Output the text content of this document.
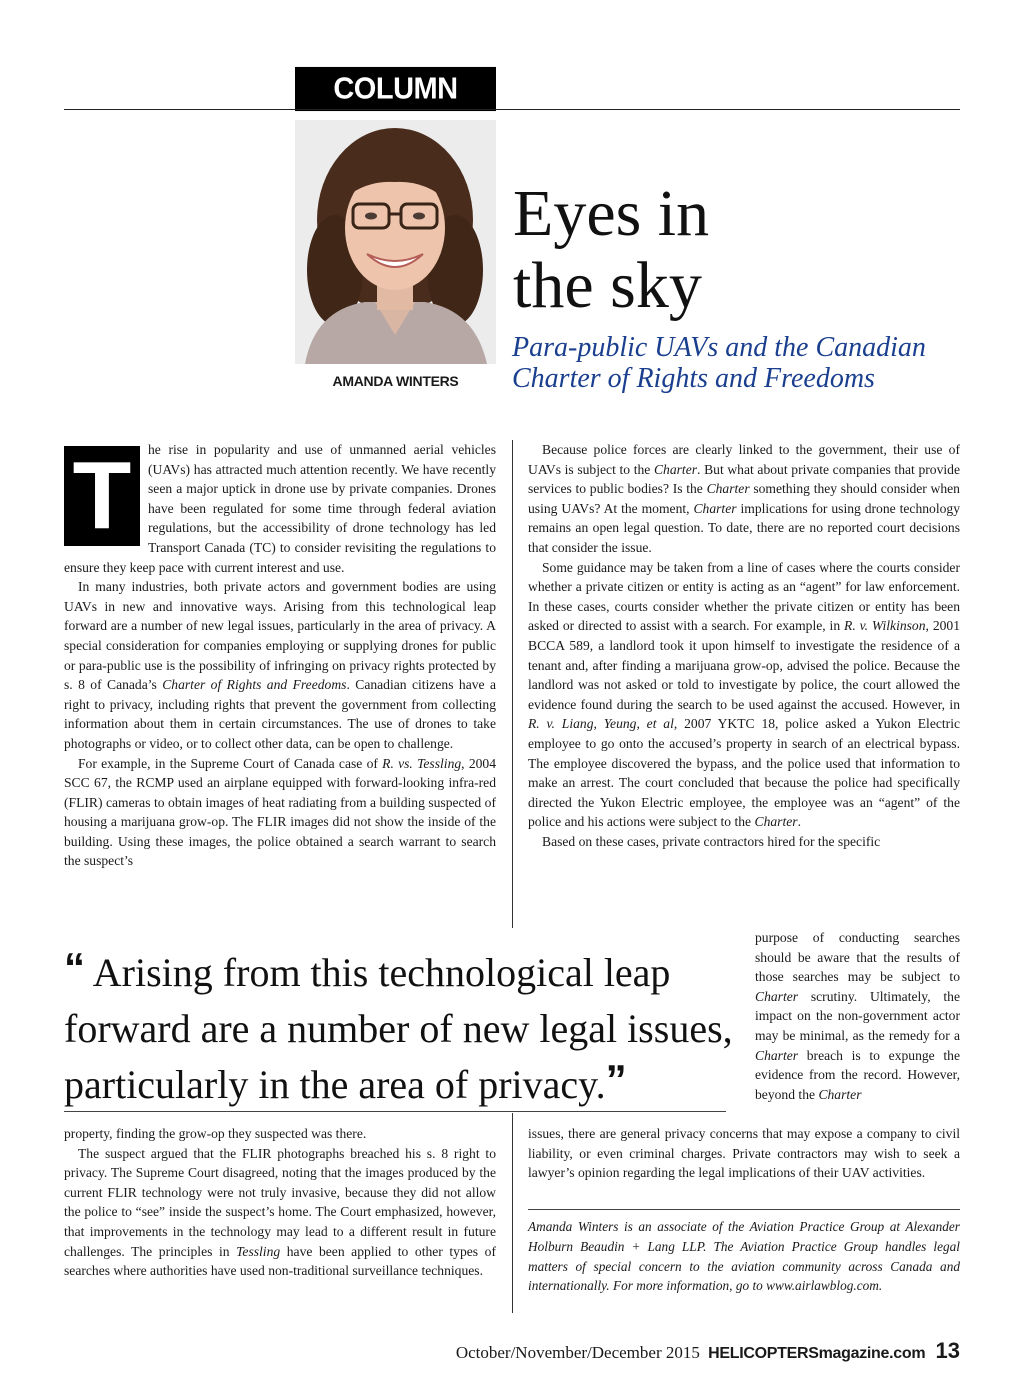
COLUMN
AMANDA WINTERS
Eyes in
the sky
Para-public UAVs and the Canadian
Charter of Rights and Freedoms
T	he rise in popularity and use of unmanned aerial vehicles (UAVs) has attracted much attention recently. We have recently seen a major uptick in drone use by private companies. Drones have been regulated for some time through federal aviation regulations, but the accessibility of drone technology has led Transport Canada (TC) to consider revisiting the regulations to ensure they keep pace with current interest and use.

In many industries, both private actors and government bodies are using UAVs in new and innovative ways. Arising from this technological leap forward are a number of new legal issues, particularly in the area of privacy. A special consideration for companies employing or supplying drones for public or para-public use is the possibility of infringing on privacy rights protected by s. 8 of Canada’s Charter of Rights and Freedoms. Canadian citizens have a right to privacy, including rights that prevent the government from collecting information about them in certain circumstances. The use of drones to take photographs or video, or to collect other data, can be open to challenge.

For example, in the Supreme Court of Canada case of R. vs. Tessling, 2004 SCC 67, the RCMP used an airplane equipped with forward-looking infra-red (FLIR) cameras to obtain images of heat radiating from a building suspected of housing a marijuana grow-op. The FLIR images did not show the inside of the building. Using these images, the police obtained a search warrant to search the suspect’s

Because police forces are clearly linked to the government, their use of UAVs is subject to the Charter. But what about private companies that provide services to public bodies? Is the Charter something they should consider when using UAVs? At the moment, Charter implications for using drone technology remains an open legal question. To date, there are no reported court decisions that consider the issue.

Some guidance may be taken from a line of cases where the courts consider whether a private citizen or entity is acting as an “agent” for law enforcement. In these cases, courts consider whether the private citizen or entity has been asked or directed to assist with a search. For example, in R. v. Wilkinson, 2001 BCCA 589, a landlord took it upon himself to investigate the residence of a tenant and, after finding a marijuana grow-op, advised the police. Because the landlord was not asked or told to investigate by police, the court allowed the evidence found during the search to be used against the accused. However, in R. v. Liang, Yeung, et al, 2007 YKTC 18, police asked a Yukon Electric employee to go onto the accused’s property in search of an electrical bypass. The employee discovered the bypass, and the police used that information to make an arrest. The court concluded that because the police had specifically directed the Yukon Electric employee, the employee was an “agent” of the police and his actions were subject to the Charter.

Based on these cases, private contractors hired for the specific

purpose of conducting searches should be aware that the results of those searches may be subject to Charter scrutiny. Ultimately, the impact on the non-government actor may be minimal, as the remedy for a Charter breach is to expunge the evidence from the record. However, beyond the Charter

“ Arising from this technological leap forward are a number of new legal issues, particularly in the area of privacy.”

property, finding the grow-op they suspected was there.

The suspect argued that the FLIR photographs breached his s. 8 right to privacy. The Supreme Court disagreed, noting that the images produced by the current FLIR technology were not truly invasive, because they did not allow the police to “see” inside the suspect’s home. The Court emphasized, however, that improvements in the technology may lead to a different result in future challenges. The principles in Tessling have been applied to other types of searches where authorities have used non-traditional surveillance techniques.

issues, there are general privacy concerns that may expose a company to civil liability, or even criminal charges. Private contractors may wish to seek a lawyer’s opinion regarding the legal implications of their UAV activities.

Amanda Winters is an associate of the Aviation Practice Group at Alexander Holburn Beaudin + Lang LLP. The Aviation Practice Group handles legal matters of special concern to the aviation community across Canada and internationally. For more information, go to www.airlawblog.com.
October/November/December 2015 HELICOPTERSmagazine.com 13
